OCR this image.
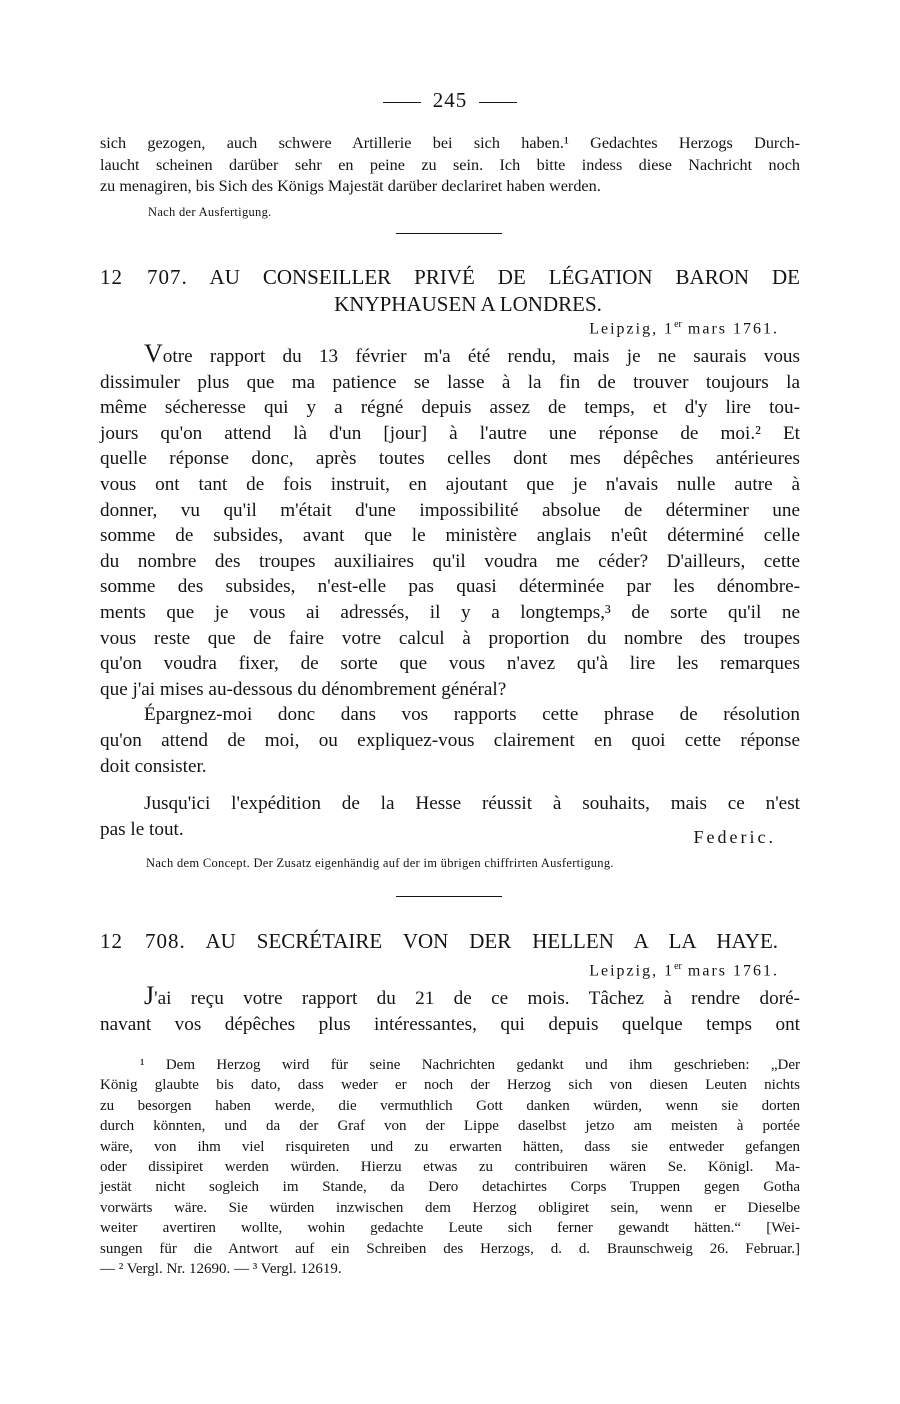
245
sich gezogen, auch schwere Artillerie bei sich haben.¹ Gedachtes Herzogs Durch-
laucht scheinen darüber sehr en peine zu sein. Ich bitte indess diese Nachricht noch
zu menagiren, bis Sich des Königs Majestät darüber declariret haben werden.
Nach der Ausfertigung.
12 707. AU CONSEILLER PRIVÉ DE LÉGATION BARON DE
KNYPHAUSEN A LONDRES.
Leipzig, 1er mars 1761.
Votre rapport du 13 février m'a été rendu, mais je ne saurais vous
dissimuler plus que ma patience se lasse à la fin de trouver toujours la
même sécheresse qui y a régné depuis assez de temps, et d'y lire tou-
jours qu'on attend là d'un [jour] à l'autre une réponse de moi.² Et
quelle réponse donc, après toutes celles dont mes dépêches antérieures
vous ont tant de fois instruit, en ajoutant que je n'avais nulle autre à
donner, vu qu'il m'était d'une impossibilité absolue de déterminer une
somme de subsides, avant que le ministère anglais n'eût déterminé celle
du nombre des troupes auxiliaires qu'il voudra me céder? D'ailleurs, cette
somme des subsides, n'est-elle pas quasi déterminée par les dénombre-
ments que je vous ai adressés, il y a longtemps,³ de sorte qu'il ne
vous reste que de faire votre calcul à proportion du nombre des troupes
qu'on voudra fixer, de sorte que vous n'avez qu'à lire les remarques
que j'ai mises au-dessous du dénombrement général?
Épargnez-moi donc dans vos rapports cette phrase de résolution
qu'on attend de moi, ou expliquez-vous clairement en quoi cette réponse
doit consister.
Jusqu'ici l'expédition de la Hesse réussit à souhaits, mais ce n'est
pas le tout.	Federic.
Nach dem Concept. Der Zusatz eigenhändig auf der im übrigen chiffrirten Ausfertigung.
12 708. AU SECRÉTAIRE VON DER HELLEN A LA HAYE.
Leipzig, 1er mars 1761.
J'ai reçu votre rapport du 21 de ce mois. Tâchez à rendre doré-
navant vos dépêches plus intéressantes, qui depuis quelque temps ont
¹ Dem Herzog wird für seine Nachrichten gedankt und ihm geschrieben: „Der
König glaubte bis dato, dass weder er noch der Herzog sich von diesen Leuten nichts
zu besorgen haben werde, die vermuthlich Gott danken würden, wenn sie dorten
durch könnten, und da der Graf von der Lippe daselbst jetzo am meisten à portée
wäre, von ihm viel risquireten und zu erwarten hätten, dass sie entweder gefangen
oder dissipiret werden würden. Hierzu etwas zu contribuiren wären Se. Königl. Ma-
jestät nicht sogleich im Stande, da Dero detachirtes Corps Truppen gegen Gotha
vorwärts wäre. Sie würden inzwischen dem Herzog obligiret sein, wenn er Dieselbe
weiter avertiren wollte, wohin gedachte Leute sich ferner gewandt hätten.“ [Wei-
sungen für die Antwort auf ein Schreiben des Herzogs, d. d. Braunschweig 26. Februar.]
— ² Vergl. Nr. 12690. — ³ Vergl. 12619.
